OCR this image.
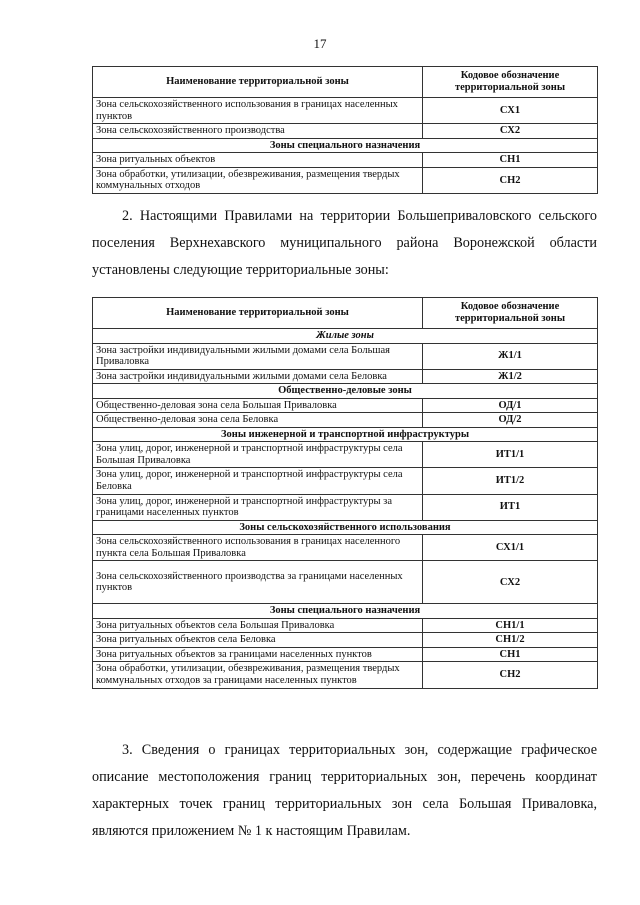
17
Наименование территориальной зоны	Кодовое обозначение территориальной зоны
Зона сельскохозяйственного использования в границах населенных пунктов	СХ1
Зона сельскохозяйственного производства	СХ2
Зоны специального назначения	
Зона ритуальных объектов	СН1
Зона обработки, утилизации, обезвреживания, размещения твердых коммунальных отходов	СН2
2. Настоящими Правилами на территории Большеприваловского сельского поселения Верхнехавского муниципального района Воронежской области установлены следующие территориальные зоны:
Наименование территориальной зоны	Кодовое обозначение территориальной зоны
Жилые зоны	
Зона застройки индивидуальными жилыми домами села Большая Приваловка	Ж1/1
Зона застройки индивидуальными жилыми домами села Беловка	Ж1/2
Общественно-деловые зоны	
Общественно-деловая зона села Большая Приваловка	ОД/1
Общественно-деловая зона села Беловка	ОД/2
Зоны инженерной и транспортной инфраструктуры	
Зона улиц, дорог, инженерной и транспортной инфраструктуры села Большая Приваловка	ИТ1/1
Зона улиц, дорог, инженерной и транспортной инфраструктуры села Беловка	ИТ1/2
Зона улиц, дорог, инженерной и транспортной инфраструктуры за границами населенных пунктов	ИТ1
Зоны сельскохозяйственного использования	
Зона сельскохозяйственного использования в границах населенного пункта села Большая Приваловка	СХ1/1
Зона сельскохозяйственного производства за границами населенных пунктов	СХ2
Зоны специального назначения	
Зона ритуальных объектов села Большая Приваловка	СН1/1
Зона ритуальных объектов села Беловка	СН1/2
Зона ритуальных объектов за границами населенных пунктов	СН1
Зона обработки, утилизации, обезвреживания, размещения твердых коммунальных отходов за границами населенных пунктов	СН2
3. Сведения о границах территориальных зон, содержащие графическое описание местоположения границ территориальных зон, перечень координат характерных точек границ территориальных зон села Большая Приваловка, являются приложением № 1 к настоящим Правилам.
